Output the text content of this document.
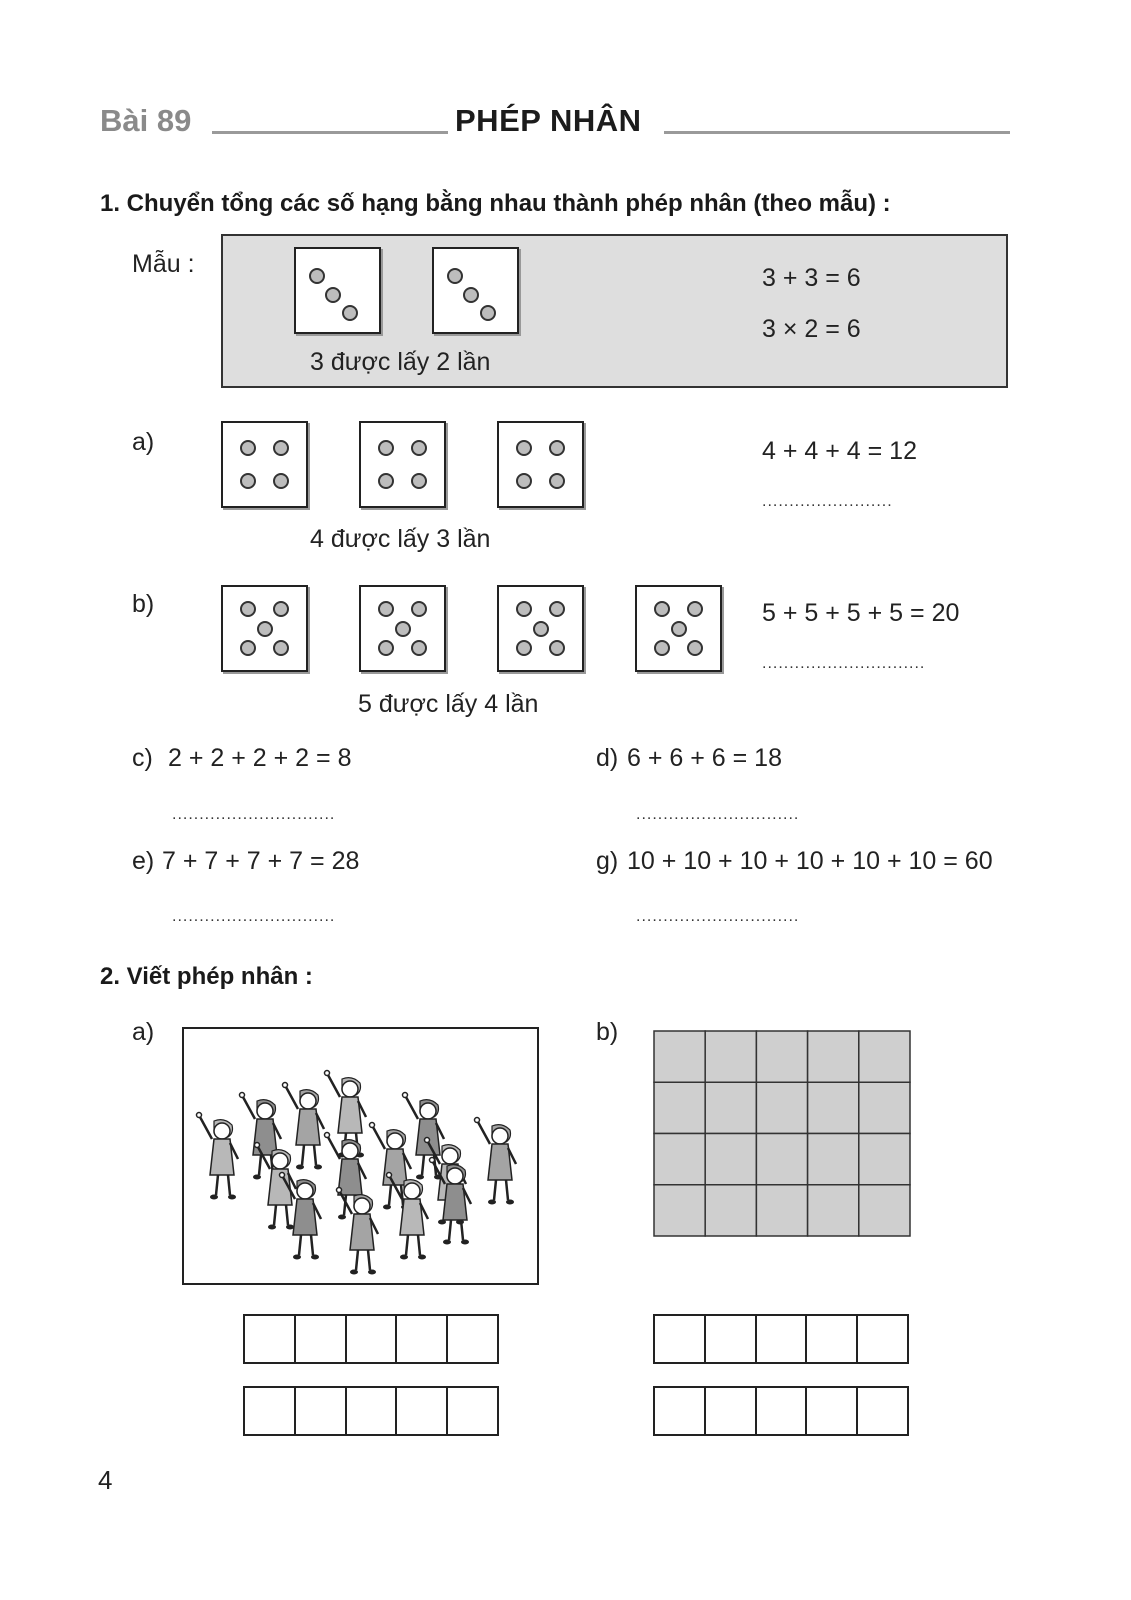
Bài 89	PHÉP NHÂN
1. Chuyển tổng các số hạng bằng nhau thành phép nhân (theo mẫu) :
Mẫu :
3 được lấy 2 lần
3 + 3 = 6
3 × 2 = 6
a)
4 được lấy 3 lần
4 + 4 + 4 = 12
........................
b)
5 được lấy 4 lần
5 + 5 + 5 + 5 = 20
..............................
c) 2 + 2 + 2 + 2 = 8
..............................
d) 6 + 6 + 6 = 18
..............................
e) 7 + 7 + 7 + 7 = 28
..............................
g) 10 + 10 + 10 + 10 + 10 + 10 = 60
..............................
2. Viết phép nhân :
a)	b)
4
